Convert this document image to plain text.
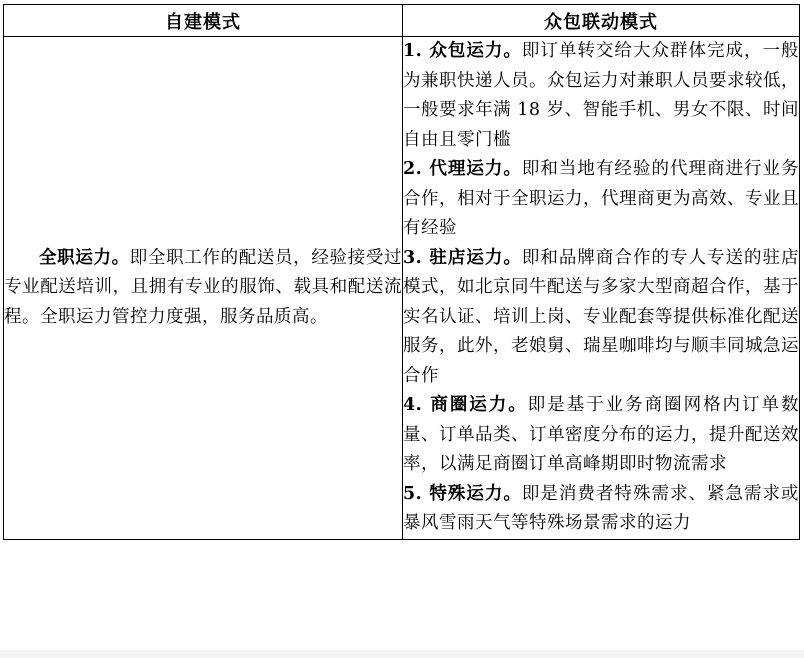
自建模式	众包联动模式

全职运力。即全职工作的配送员，经验接受过专业配送培训，且拥有专业的服饰、载具和配送流程。全职运力管控力度强，服务品质高。	1. 众包运力。即订单转交给大众群体完成，一般为兼职快递人员。众包运力对兼职人员要求较低，一般要求年满 18 岁、智能手机、男女不限、时间自由且零门槛
2. 代理运力。即和当地有经验的代理商进行业务合作，相对于全职运力，代理商更为高效、专业且有经验
3. 驻店运力。即和品牌商合作的专人专送的驻店模式，如北京同牛配送与多家大型商超合作，基于实名认证、培训上岗、专业配套等提供标准化配送服务，此外，老娘舅、瑞星咖啡均与顺丰同城急运合作
4. 商圈运力。即是基于业务商圈网格内订单数量、订单品类、订单密度分布的运力，提升配送效率，以满足商圈订单高峰期即时物流需求
5. 特殊运力。即是消费者特殊需求、紧急需求或暴风雪雨天气等特殊场景需求的运力
